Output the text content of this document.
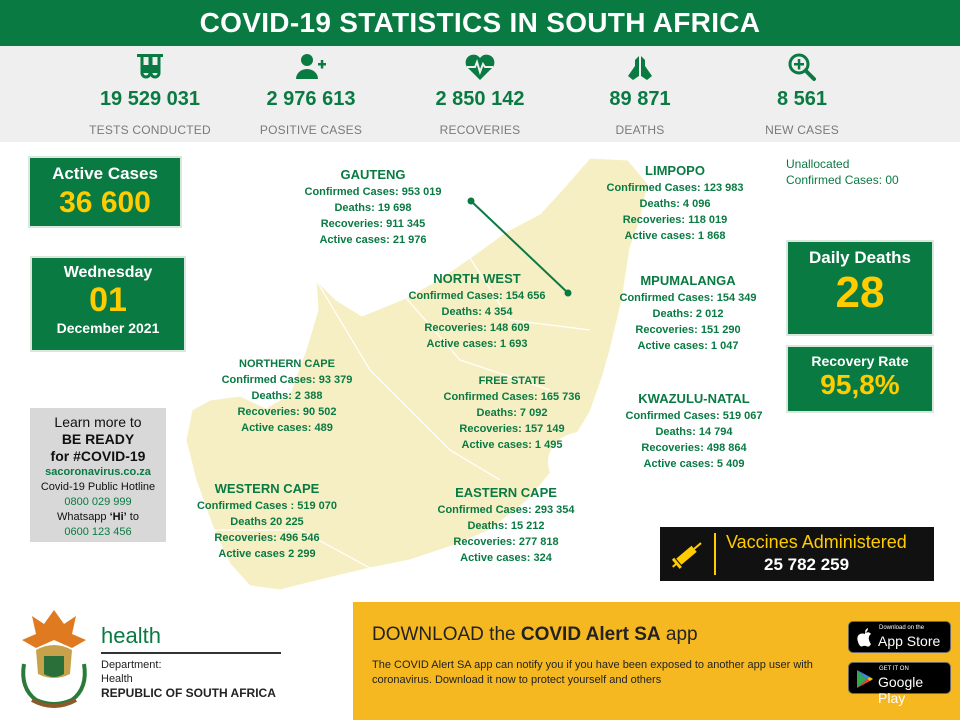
COVID-19 STATISTICS IN SOUTH AFRICA
19 529 031
TESTS CONDUCTED
2 976 613
POSITIVE CASES
2 850 142
RECOVERIES
89 871
DEATHS
8 561
NEW CASES
Active Cases
36 600
Wednesday
01
December 2021
GAUTENG
Confirmed Cases: 953 019
Deaths: 19 698
Recoveries: 911 345
Active cases: 21 976
LIMPOPO
Confirmed Cases: 123 983
Deaths: 4 096
Recoveries: 118 019
Active cases: 1 868
NORTH WEST
Confirmed Cases: 154 656
Deaths: 4 354
Recoveries: 148 609
Active cases: 1 693
MPUMALANGA
Confirmed Cases: 154 349
Deaths: 2 012
Recoveries: 151 290
Active cases: 1 047
NORTHERN CAPE
Confirmed Cases: 93 379
Deaths: 2 388
Recoveries: 90 502
Active cases: 489
FREE STATE
Confirmed Cases: 165 736
Deaths: 7 092
Recoveries: 157 149
Active cases: 1 495
KWAZULU-NATAL
Confirmed Cases: 519 067
Deaths: 14 794
Recoveries: 498 864
Active cases: 5 409
WESTERN CAPE
Confirmed Cases : 519 070
Deaths 20 225
Recoveries: 496 546
Active cases 2 299
EASTERN CAPE
Confirmed Cases: 293 354
Deaths: 15 212
Recoveries: 277 818
Active cases: 324
Unallocated
Confirmed Cases: 00
Daily Deaths
28
Recovery Rate
95,8%
Learn more to
BE READY
for #COVID-19
sacoronavirus.co.za
Covid-19 Public Hotline
0800 029 999
Whatsapp ‘Hi’ to
0600 123 456	Vaccines Administered
25 782 259
health
Department:
Health
REPUBLIC OF SOUTH AFRICA
DOWNLOAD the COVID Alert SA app
The COVID Alert SA app can notify you if you have been exposed to another app user with coronavirus. Download it now to protect yourself and others
Download on the
App Store
GET IT ON
Google Play
